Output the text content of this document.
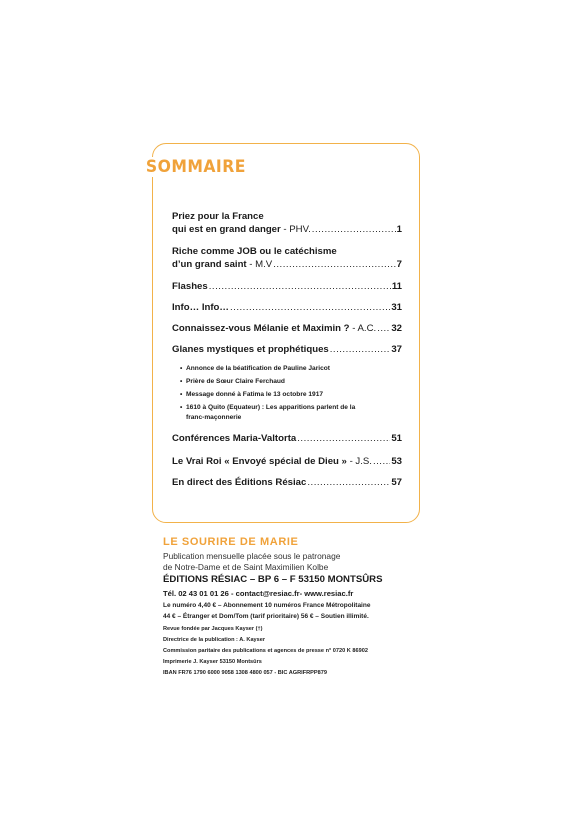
SOMMAIRE
Priez pour la France
qui est en grand danger - PHV. .....	1
Riche comme JOB ou le catéchisme
d’un grand saint - M.V .....	7
Flashes .....	11
Info… Info… .....	31
Connaissez-vous Mélanie et Maximin ? - A.C. ..... 32
Glanes mystiques et prophétiques .....	37
• Annonce de la béatification de Pauline Jaricot
• Prière de Sœur Claire Ferchaud
• Message donné à Fatima le 13 octobre 1917
• 1610 à Quito (Equateur) : Les apparitions parlent de la
franc-maçonnerie
Conférences Maria-Valtorta .....	51
Le Vrai Roi « Envoyé spécial de Dieu » - J.S. ..... 53
En direct des Éditions Résiac .....	57
LE SOURIRE DE MARIE
Publication mensuelle placée sous le patronage
de Notre-Dame et de Saint Maximilien Kolbe
ÉDITIONS RÉSIAC – BP 6 – F 53150 MONTSÛRS
Tél. 02 43 01 01 26 - contact@resiac.fr- www.resiac.fr
Le numéro 4,40 € – Abonnement 10 numéros France Métropolitaine
44 € – Étranger et Dom/Tom (tarif prioritaire) 56 € – Soutien illimité.
Revue fondée par Jacques Kayser (†)
Directrice de la publication : A. Kayser
Commission paritaire des publications et agences de presse n° 0720 K 86902
Imprimerie J. Kayser 53150 Montsûrs
IBAN FR76 1790 6000 9058 1308 4800 057 - BIC AGRIFRPP879
